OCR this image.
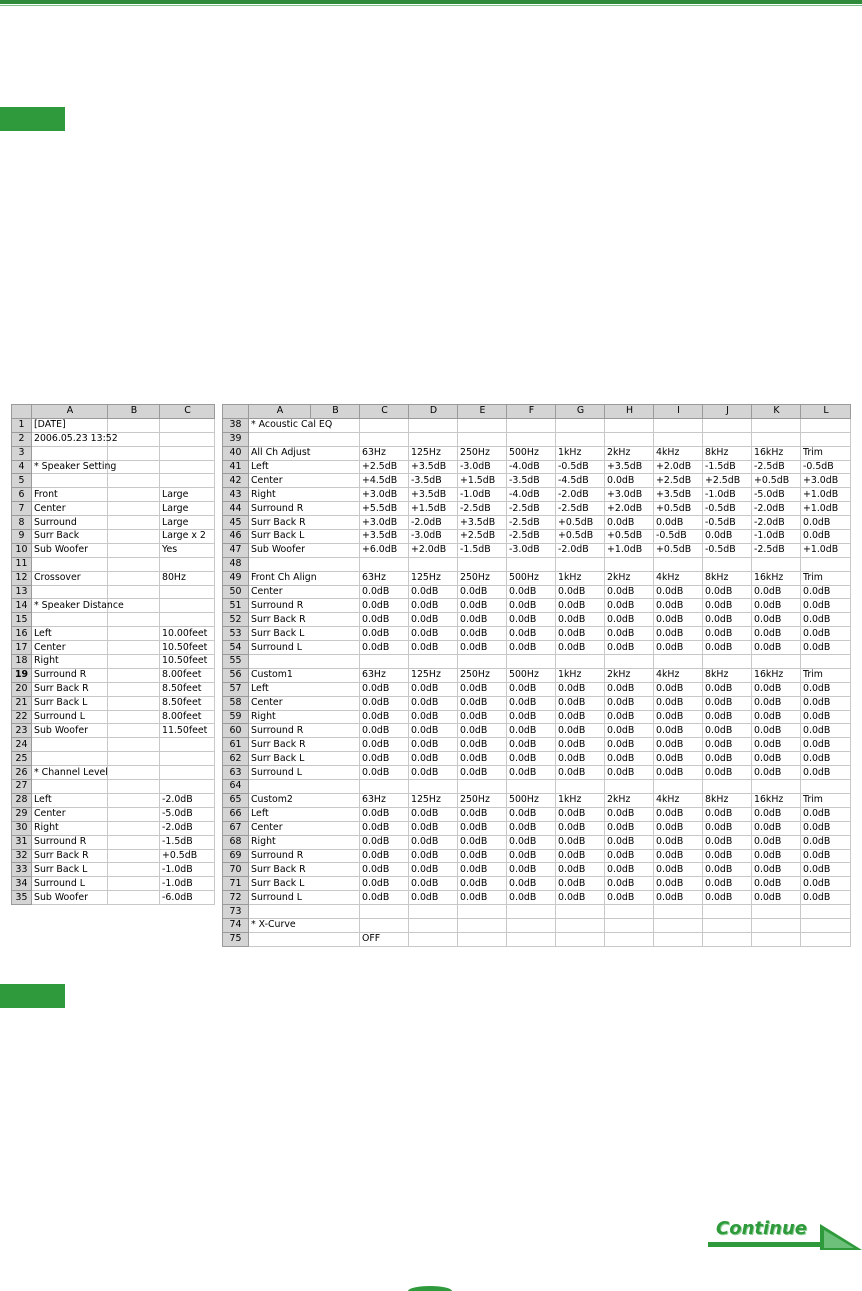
	A	B	C
1	[DATE]		
2	2006.05.23 13:52		
3			
4	* Speaker Setting		
5			
6	Front		Large
7	Center		Large
8	Surround		Large
9	Surr Back		Large x 2
10	Sub Woofer		Yes
11			
12	Crossover		80Hz
13			
14	* Speaker Distance		
15			
16	Left		10.00feet
17	Center		10.50feet
18	Right		10.50feet
19	Surround R		8.00feet
20	Surr Back R		8.50feet
21	Surr Back L		8.50feet
22	Surround L		8.00feet
23	Sub Woofer		11.50feet
24			
25			
26	* Channel Level		
27			
28	Left		-2.0dB
29	Center		-5.0dB
30	Right		-2.0dB
31	Surround R		-1.5dB
32	Surr Back R		+0.5dB
33	Surr Back L		-1.0dB
34	Surround L		-1.0dB
35	Sub Woofer		-6.0dB
	A	B	C	D	E	F	G	H	I	J	K	L
38	* Acoustic Cal EQ											
39												
40	All Ch Adjust		63Hz	125Hz	250Hz	500Hz	1kHz	2kHz	4kHz	8kHz	16kHz	Trim
41	Left		+2.5dB	+3.5dB	-3.0dB	-4.0dB	-0.5dB	+3.5dB	+2.0dB	-1.5dB	-2.5dB	-0.5dB
42	Center		+4.5dB	-3.5dB	+1.5dB	-3.5dB	-4.5dB	0.0dB	+2.5dB	+2.5dB	+0.5dB	+3.0dB
43	Right		+3.0dB	+3.5dB	-1.0dB	-4.0dB	-2.0dB	+3.0dB	+3.5dB	-1.0dB	-5.0dB	+1.0dB
44	Surround R		+5.5dB	+1.5dB	-2.5dB	-2.5dB	-2.5dB	+2.0dB	+0.5dB	-0.5dB	-2.0dB	+1.0dB
45	Surr Back R		+3.0dB	-2.0dB	+3.5dB	-2.5dB	+0.5dB	0.0dB	0.0dB	-0.5dB	-2.0dB	0.0dB
46	Surr Back L		+3.5dB	-3.0dB	+2.5dB	-2.5dB	+0.5dB	+0.5dB	-0.5dB	0.0dB	-1.0dB	0.0dB
47	Sub Woofer		+6.0dB	+2.0dB	-1.5dB	-3.0dB	-2.0dB	+1.0dB	+0.5dB	-0.5dB	-2.5dB	+1.0dB
48												
49	Front Ch Align		63Hz	125Hz	250Hz	500Hz	1kHz	2kHz	4kHz	8kHz	16kHz	Trim
50	Center		0.0dB	0.0dB	0.0dB	0.0dB	0.0dB	0.0dB	0.0dB	0.0dB	0.0dB	0.0dB
51	Surround R		0.0dB	0.0dB	0.0dB	0.0dB	0.0dB	0.0dB	0.0dB	0.0dB	0.0dB	0.0dB
52	Surr Back R		0.0dB	0.0dB	0.0dB	0.0dB	0.0dB	0.0dB	0.0dB	0.0dB	0.0dB	0.0dB
53	Surr Back L		0.0dB	0.0dB	0.0dB	0.0dB	0.0dB	0.0dB	0.0dB	0.0dB	0.0dB	0.0dB
54	Surround L		0.0dB	0.0dB	0.0dB	0.0dB	0.0dB	0.0dB	0.0dB	0.0dB	0.0dB	0.0dB
55												
56	Custom1		63Hz	125Hz	250Hz	500Hz	1kHz	2kHz	4kHz	8kHz	16kHz	Trim
57	Left		0.0dB	0.0dB	0.0dB	0.0dB	0.0dB	0.0dB	0.0dB	0.0dB	0.0dB	0.0dB
58	Center		0.0dB	0.0dB	0.0dB	0.0dB	0.0dB	0.0dB	0.0dB	0.0dB	0.0dB	0.0dB
59	Right		0.0dB	0.0dB	0.0dB	0.0dB	0.0dB	0.0dB	0.0dB	0.0dB	0.0dB	0.0dB
60	Surround R		0.0dB	0.0dB	0.0dB	0.0dB	0.0dB	0.0dB	0.0dB	0.0dB	0.0dB	0.0dB
61	Surr Back R		0.0dB	0.0dB	0.0dB	0.0dB	0.0dB	0.0dB	0.0dB	0.0dB	0.0dB	0.0dB
62	Surr Back L		0.0dB	0.0dB	0.0dB	0.0dB	0.0dB	0.0dB	0.0dB	0.0dB	0.0dB	0.0dB
63	Surround L		0.0dB	0.0dB	0.0dB	0.0dB	0.0dB	0.0dB	0.0dB	0.0dB	0.0dB	0.0dB
64												
65	Custom2		63Hz	125Hz	250Hz	500Hz	1kHz	2kHz	4kHz	8kHz	16kHz	Trim
66	Left		0.0dB	0.0dB	0.0dB	0.0dB	0.0dB	0.0dB	0.0dB	0.0dB	0.0dB	0.0dB
67	Center		0.0dB	0.0dB	0.0dB	0.0dB	0.0dB	0.0dB	0.0dB	0.0dB	0.0dB	0.0dB
68	Right		0.0dB	0.0dB	0.0dB	0.0dB	0.0dB	0.0dB	0.0dB	0.0dB	0.0dB	0.0dB
69	Surround R		0.0dB	0.0dB	0.0dB	0.0dB	0.0dB	0.0dB	0.0dB	0.0dB	0.0dB	0.0dB
70	Surr Back R		0.0dB	0.0dB	0.0dB	0.0dB	0.0dB	0.0dB	0.0dB	0.0dB	0.0dB	0.0dB
71	Surr Back L		0.0dB	0.0dB	0.0dB	0.0dB	0.0dB	0.0dB	0.0dB	0.0dB	0.0dB	0.0dB
72	Surround L		0.0dB	0.0dB	0.0dB	0.0dB	0.0dB	0.0dB	0.0dB	0.0dB	0.0dB	0.0dB
73												
74	* X-Curve											
75			OFF									
Continue
